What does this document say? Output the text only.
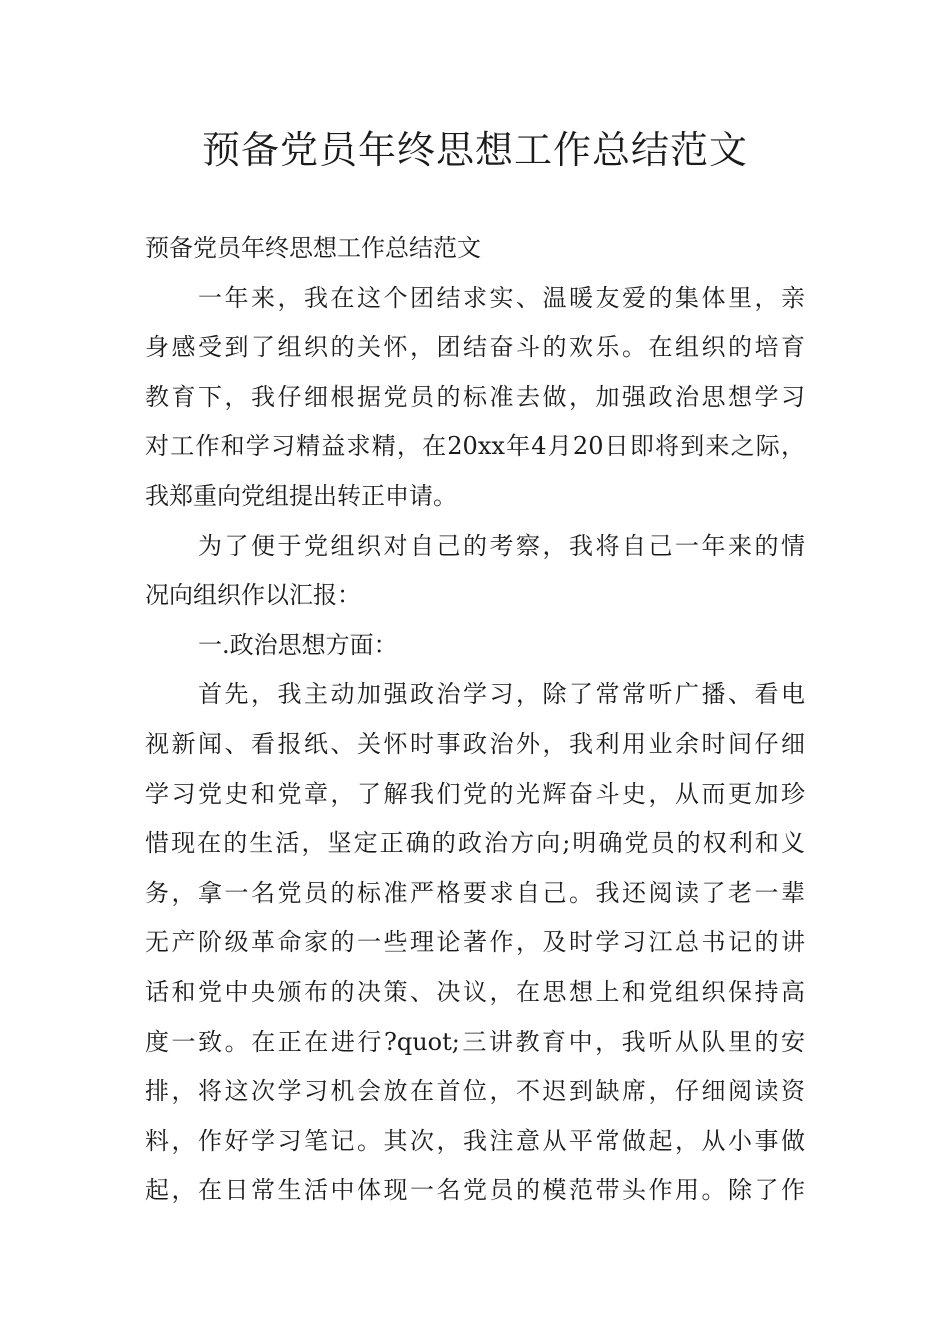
预备党员年终思想工作总结范文

预备党员年终思想工作总结范文

一年来，我在这个团结求实、温暖友爱的集体里，亲
身感受到了组织的关怀，团结奋斗的欢乐。在组织的培育
教育下，我仔细根据党员的标准去做，加强政治思想学习
对工作和学习精益求精，在20xx年4月20日即将到来之际，
我郑重向党组提出转正申请。
为了便于党组织对自己的考察，我将自己一年来的情
况向组织作以汇报：
一.政治思想方面：
首先，我主动加强政治学习，除了常常听广播、看电
视新闻、看报纸、关怀时事政治外，我利用业余时间仔细
学习党史和党章，了解我们党的光辉奋斗史，从而更加珍
惜现在的生活，坚定正确的政治方向;明确党员的权利和义
务，拿一名党员的标准严格要求自己。我还阅读了老一辈
无产阶级革命家的一些理论著作，及时学习江总书记的讲
话和党中央颁布的决策、决议，在思想上和党组织保持高
度一致。在正在进行?quot;三讲教育中，我听从队里的安
排，将这次学习机会放在首位，不迟到缺席，仔细阅读资
料，作好学习笔记。其次，我注意从平常做起，从小事做
起，在日常生活中体现一名党员的模范带头作用。除了作
